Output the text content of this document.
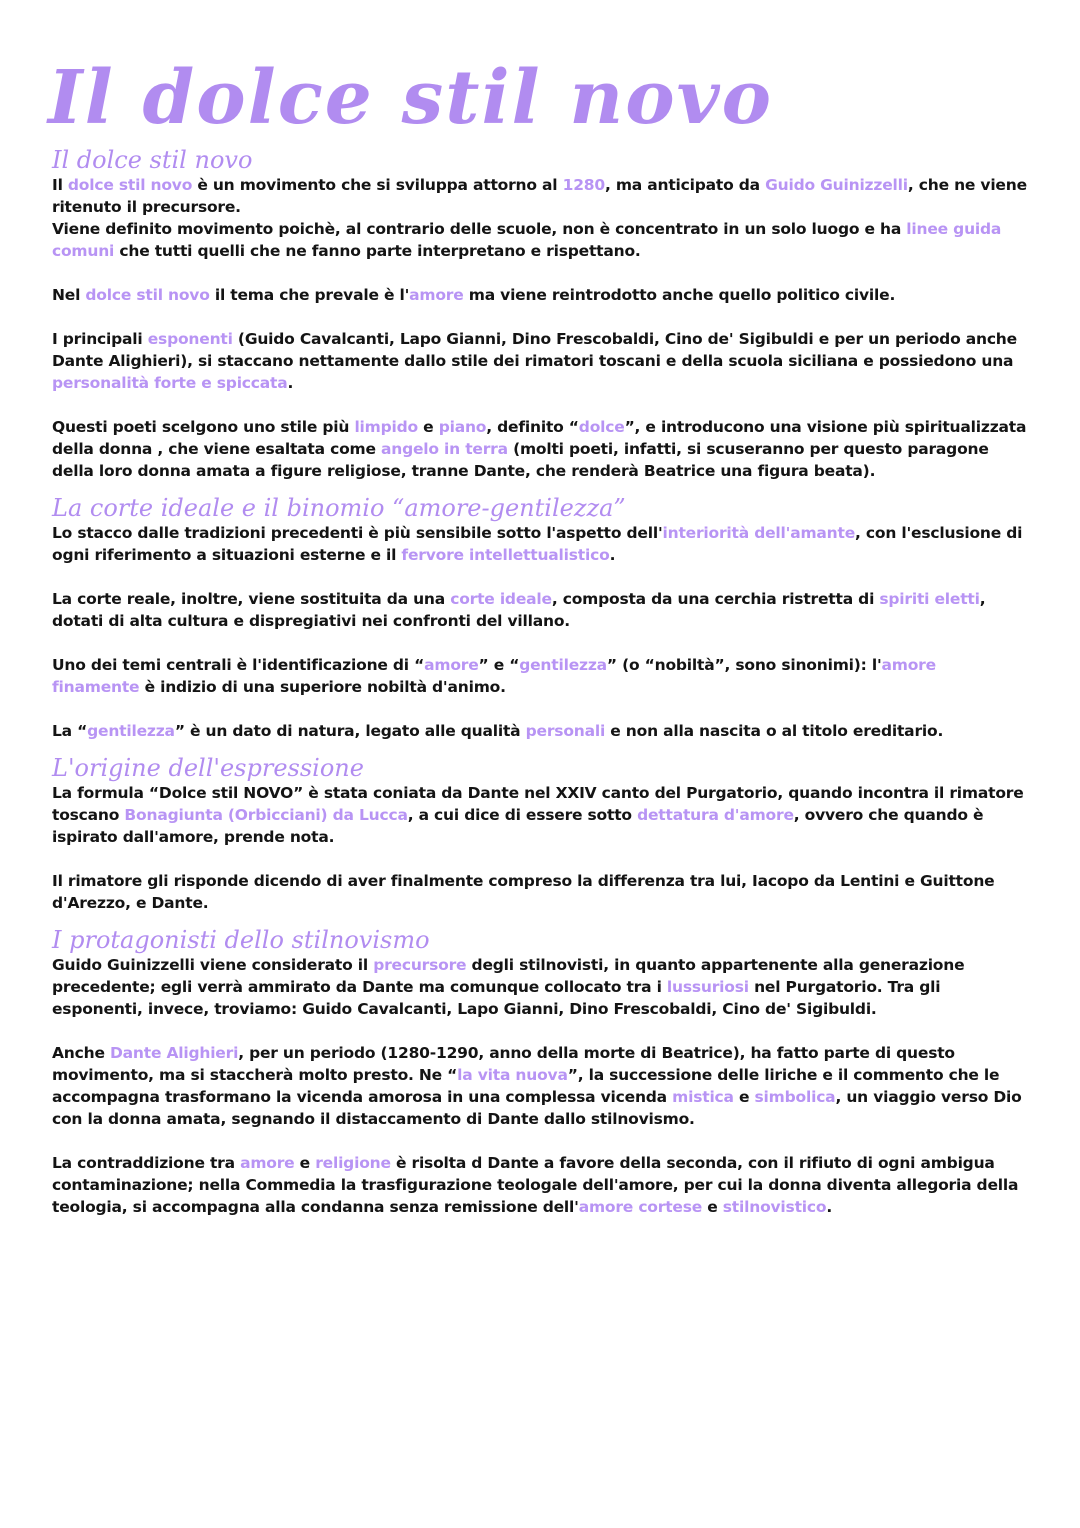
Il dolce stil novo
Il dolce stil novo

Il dolce stil novo è un movimento che si sviluppa attorno al 1280, ma anticipato da Guido Guinizzelli, che ne viene ritenuto il precursore.
Viene definito movimento poichè, al contrario delle scuole, non è concentrato in un solo luogo e ha linee guida comuni che tutti quelli che ne fanno parte interpretano e rispettano.

Nel dolce stil novo il tema che prevale è l'amore ma viene reintrodotto anche quello politico civile.

I principali esponenti (Guido Cavalcanti, Lapo Gianni, Dino Frescobaldi, Cino de' Sigibuldi e per un periodo anche Dante Alighieri), si staccano nettamente dallo stile dei rimatori toscani e della scuola siciliana e possiedono una personalità forte e spiccata.

Questi poeti scelgono uno stile più limpido e piano, definito “dolce”, e introducono una visione più spiritualizzata della donna , che viene esaltata come angelo in terra (molti poeti, infatti, si scuseranno per questo paragone della loro donna amata a figure religiose, tranne Dante, che renderà Beatrice una figura beata).

La corte ideale e il binomio “amore-gentilezza”

Lo stacco dalle tradizioni precedenti è più sensibile sotto l'aspetto dell'interiorità dell'amante, con l'esclusione di ogni riferimento a situazioni esterne e il fervore intellettualistico.

La corte reale, inoltre, viene sostituita da una corte ideale, composta da una cerchia ristretta di spiriti eletti, dotati di alta cultura e dispregiativi nei confronti del villano.

Uno dei temi centrali è l'identificazione di “amore” e “gentilezza” (o “nobiltà”, sono sinonimi): l'amore finamente è indizio di una superiore nobiltà d'animo.

La “gentilezza” è un dato di natura, legato alle qualità personali e non alla nascita o al titolo ereditario.

L'origine dell'espressione

La formula “Dolce stil NOVO” è stata coniata da Dante nel XXIV canto del Purgatorio, quando incontra il rimatore toscano Bonagiunta (Orbicciani) da Lucca, a cui dice di essere sotto dettatura d'amore, ovvero che quando è ispirato dall'amore, prende nota.

Il rimatore gli risponde dicendo di aver finalmente compreso la differenza tra lui, Iacopo da Lentini e Guittone d'Arezzo, e Dante.

I protagonisti dello stilnovismo

Guido Guinizzelli viene considerato il precursore degli stilnovisti, in quanto appartenente alla generazione precedente; egli verrà ammirato da Dante ma comunque collocato tra i lussuriosi nel Purgatorio. Tra gli esponenti, invece, troviamo: Guido Cavalcanti, Lapo Gianni, Dino Frescobaldi, Cino de' Sigibuldi.

Anche Dante Alighieri, per un periodo (1280-1290, anno della morte di Beatrice), ha fatto parte di questo movimento, ma si staccherà molto presto. Ne “la vita nuova”, la successione delle liriche e il commento che le accompagna trasformano la vicenda amorosa in una complessa vicenda mistica e simbolica, un viaggio verso Dio con la donna amata, segnando il distaccamento di Dante dallo stilnovismo.

La contraddizione tra amore e religione è risolta d Dante a favore della seconda, con il rifiuto di ogni ambigua contaminazione; nella Commedia la trasfigurazione teologale dell'amore, per cui la donna diventa allegoria della teologia, si accompagna alla condanna senza remissione dell'amore cortese e stilnovistico.
